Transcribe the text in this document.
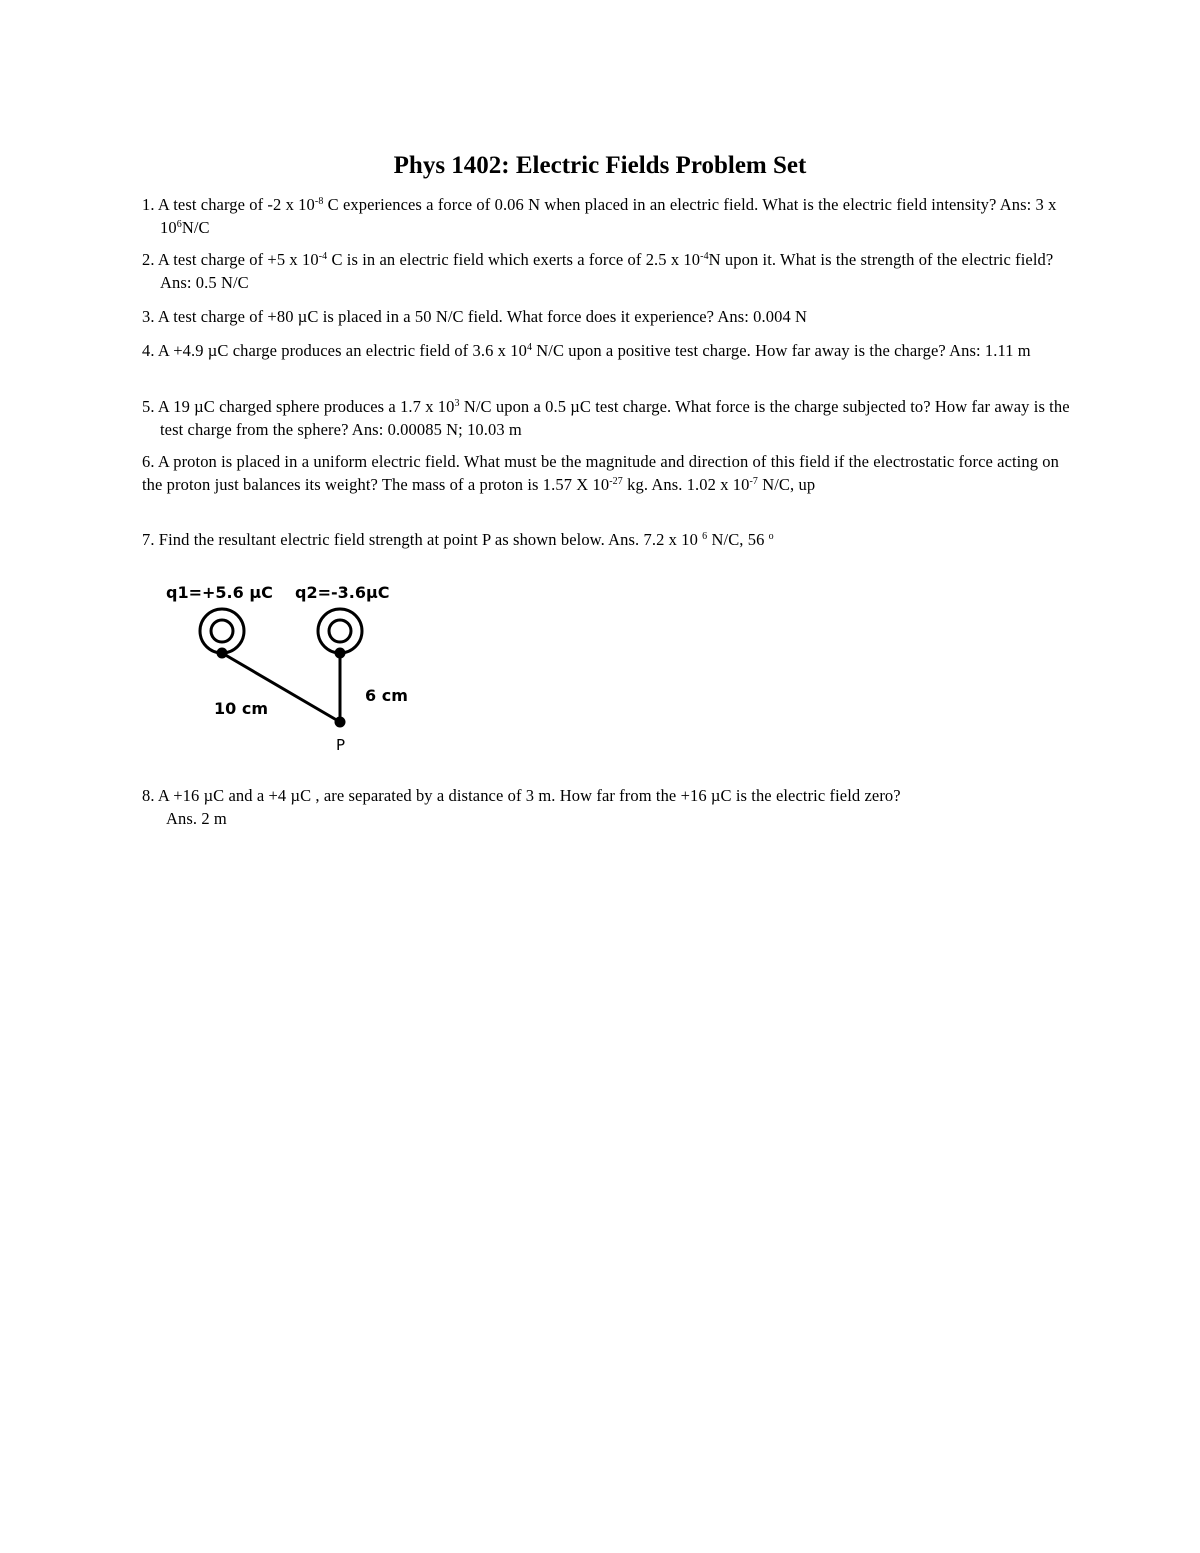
Phys 1402: Electric Fields Problem Set
1. A test charge of -2 x $10^{-8}$ C experiences a force of 0.06 N when placed in an electric field. What is the electric field intensity? Ans: 3 x $10^6N/C$
2. A test charge of +5 x $10^{-4}$ C is in an electric field which exerts a force of 2.5 x $10^{-4}N$ upon it. What is the strength of the electric field? Ans: 0.5 N/C
3. A test charge of +80 µC is placed in a 50 N/C field. What force does it experience? Ans: 0.004 N
4. A +4.9 µC charge produces an electric field of 3.6 x $10^4$ N/C upon a positive test charge. How far away is the charge? Ans: 1.11 m
5. A 19 µC charged sphere produces a 1.7 x $10^3$ N/C upon a 0.5 µC test charge. What force is the charge subjected to? How far away is the test charge from the sphere? Ans: 0.00085 N; 10.03 m
6. A proton is placed in a uniform electric field. What must be the magnitude and direction of this field if the electrostatic force acting on the proton just balances its weight? The mass of a proton is 1.57 X $10^{-27}$ kg. Ans. 1.02 x $10^{-7}$ N/C, up
7. Find the resultant electric field strength at point P as shown below. Ans. 7.2 x 10 $^6$ N/C, 56 $^o$
q1=+5.6 µC q2=-3.6µC
10 cm
6 cm
P
8. A +16 µC and a +4 µC , are separated by a distance of 3 m. How far from the +16 µC is the electric field zero?
Ans. 2 m
